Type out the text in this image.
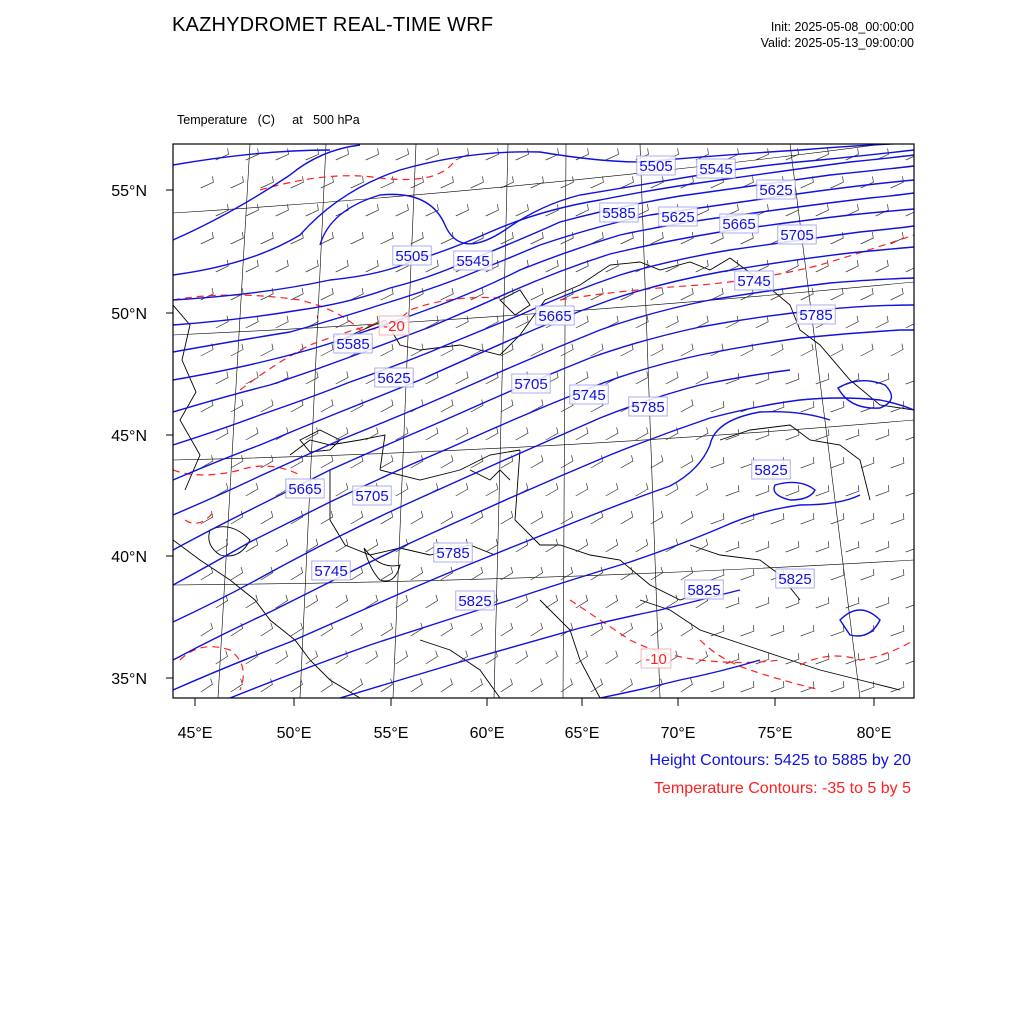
KAZHYDROMET REAL-TIME WRF	Init: 2025-05-08_00:00:00
Valid: 2025-05-13_09:00:00

Temperature   (C)     at   500 hPa

55°N
50°N
45°N
40°N
35°N
45°E	50°E	55°E	60°E	65°E	70°E	75°E	80°E
5505 5545
5625
5585 5625 5665
5705
5505 5545
5745
5665	5785
5585
5625	5705
5745
5785
5825
5665 5705
5785
5745
5825
5825
5825
-20
-10
Height Contours: 5425 to 5885 by 20
Temperature Contours: -35 to 5 by 5
